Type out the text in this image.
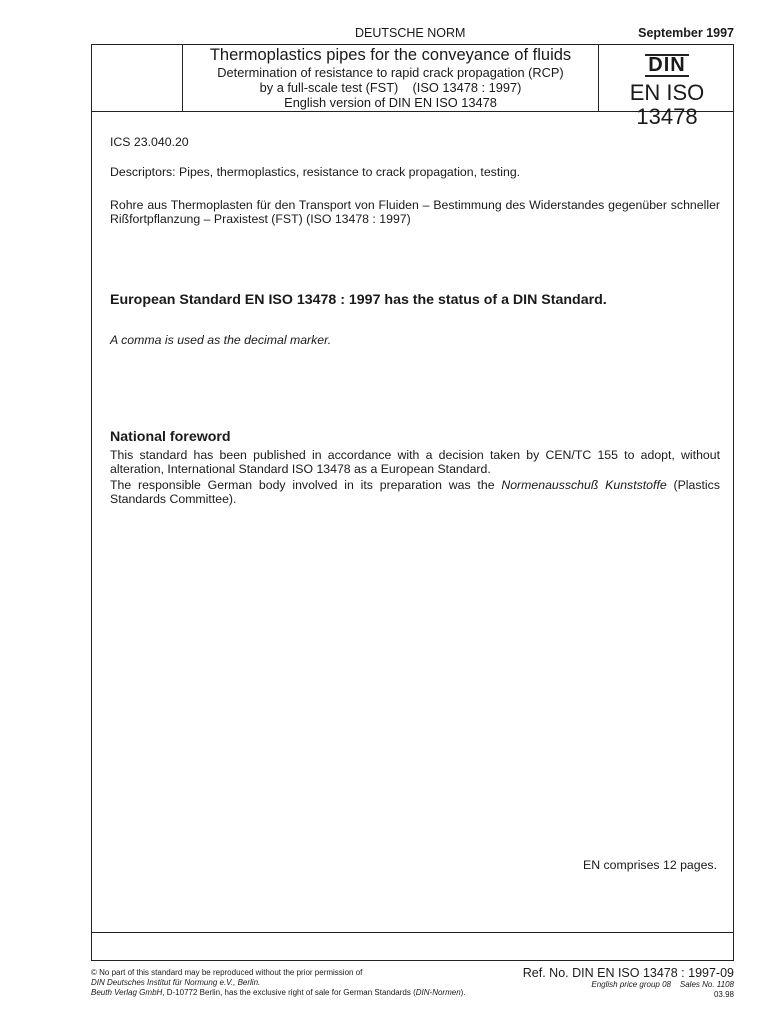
DEUTSCHE NORM	September 1997
Thermoplastics pipes for the conveyance of fluids
Determination of resistance to rapid crack propagation (RCP)
by a full-scale test (FST)    (ISO 13478 : 1997)
English version of DIN EN ISO 13478
DIN
EN ISO 13478
ICS 23.040.20
Descriptors: Pipes, thermoplastics, resistance to crack propagation, testing.
Rohre aus Thermoplasten für den Transport von Fluiden – Bestimmung des Widerstandes gegenüber schneller Rißfortpflanzung – Praxistest (FST) (ISO 13478 : 1997)
European Standard EN ISO 13478 : 1997 has the status of a DIN Standard.
A comma is used as the decimal marker.
National foreword
This standard has been published in accordance with a decision taken by CEN/TC 155 to adopt, without alteration, International Standard ISO 13478 as a European Standard.
The responsible German body involved in its preparation was the Normenausschuß Kunststoffe (Plastics Standards Committee).
EN comprises 12 pages.
© No part of this standard may be reproduced without the prior permission of
DIN Deutsches Institut für Normung e.V., Berlin.
Beuth Verlag GmbH, D-10772 Berlin, has the exclusive right of sale for German Standards (DIN-Normen).
Ref. No. DIN EN ISO 13478 : 1997-09
English price group 08 Sales No. 1108
03.98
